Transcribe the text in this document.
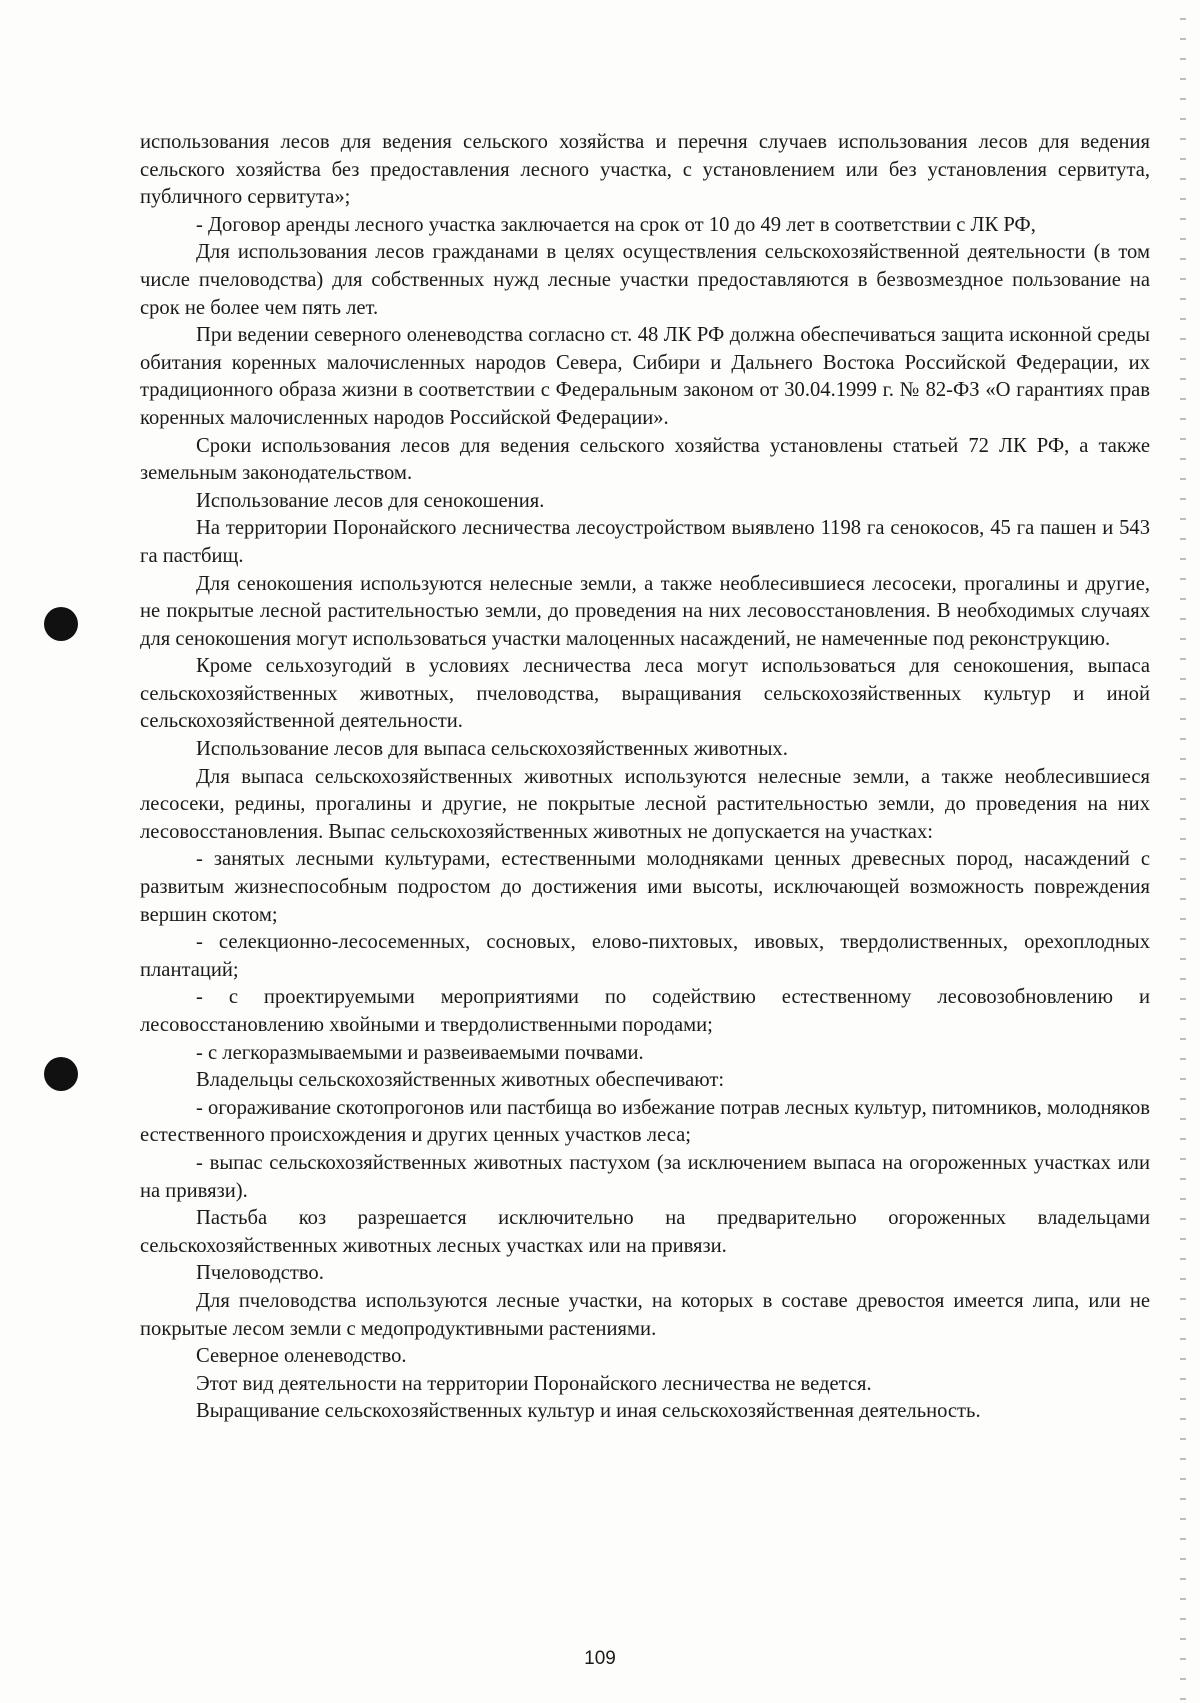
использования лесов для ведения сельского хозяйства и перечня случаев использования лесов для ведения сельского хозяйства без предоставления лесного участка, с установлением или без установления сервитута, публичного сервитута»;

- Договор аренды лесного участка заключается на срок от 10 до 49 лет в соответствии с ЛК РФ,

Для использования лесов гражданами в целях осуществления сельскохозяйственной деятельности (в том числе пчеловодства) для собственных нужд лесные участки предоставляются в безвозмездное пользование на срок не более чем пять лет.

При ведении северного оленеводства согласно ст. 48 ЛК РФ должна обеспечиваться защита исконной среды обитания коренных малочисленных народов Севера, Сибири и Дальнего Востока Российской Федерации, их традиционного образа жизни в соответствии с Федеральным законом от 30.04.1999 г. № 82-ФЗ «О гарантиях прав коренных малочисленных народов Российской Федерации».

Сроки использования лесов для ведения сельского хозяйства установлены статьей 72 ЛК РФ, а также земельным законодательством.

Использование лесов для сенокошения.

На территории Поронайского лесничества лесоустройством выявлено 1198 га сенокосов, 45 га пашен и 543 га пастбищ.

Для сенокошения используются нелесные земли, а также необлесившиеся лесосеки, прогалины и другие, не покрытые лесной растительностью земли, до проведения на них лесовосстановления. В необходимых случаях для сенокошения могут использоваться участки малоценных насаждений, не намеченные под реконструкцию.

Кроме сельхозугодий в условиях лесничества леса могут использоваться для сенокошения, выпаса сельскохозяйственных животных, пчеловодства, выращивания сельскохозяйственных культур и иной сельскохозяйственной деятельности.

Использование лесов для выпаса сельскохозяйственных животных.

Для выпаса сельскохозяйственных животных используются нелесные земли, а также необлесившиеся лесосеки, редины, прогалины и другие, не покрытые лесной растительностью земли, до проведения на них лесовосстановления. Выпас сельскохозяйственных животных не допускается на участках:

- занятых лесными культурами, естественными молодняками ценных древесных пород, насаждений с развитым жизнеспособным подростом до достижения ими высоты, исключающей возможность повреждения вершин скотом;

- селекционно-лесосеменных, сосновых, елово-пихтовых, ивовых, твердолиственных, орехоплодных плантаций;

- с проектируемыми мероприятиями по содействию естественному лесовозобновлению и лесовосстановлению хвойными и твердолиственными породами;

- с легкоразмываемыми и развеиваемыми почвами.

Владельцы сельскохозяйственных животных обеспечивают:

- огораживание скотопрогонов или пастбища во избежание потрав лесных культур, питомников, молодняков естественного происхождения и других ценных участков леса;

- выпас сельскохозяйственных животных пастухом (за исключением выпаса на огороженных участках или на привязи).

Пастьба коз разрешается исключительно на предварительно огороженных владельцами сельскохозяйственных животных лесных участках или на привязи.

Пчеловодство.

Для пчеловодства используются лесные участки, на которых в составе древостоя имеется липа, или не покрытые лесом земли с медопродуктивными растениями.

Северное оленеводство.

Этот вид деятельности на территории Поронайского лесничества не ведется.

Выращивание сельскохозяйственных культур и иная сельскохозяйственная деятельность.

109
